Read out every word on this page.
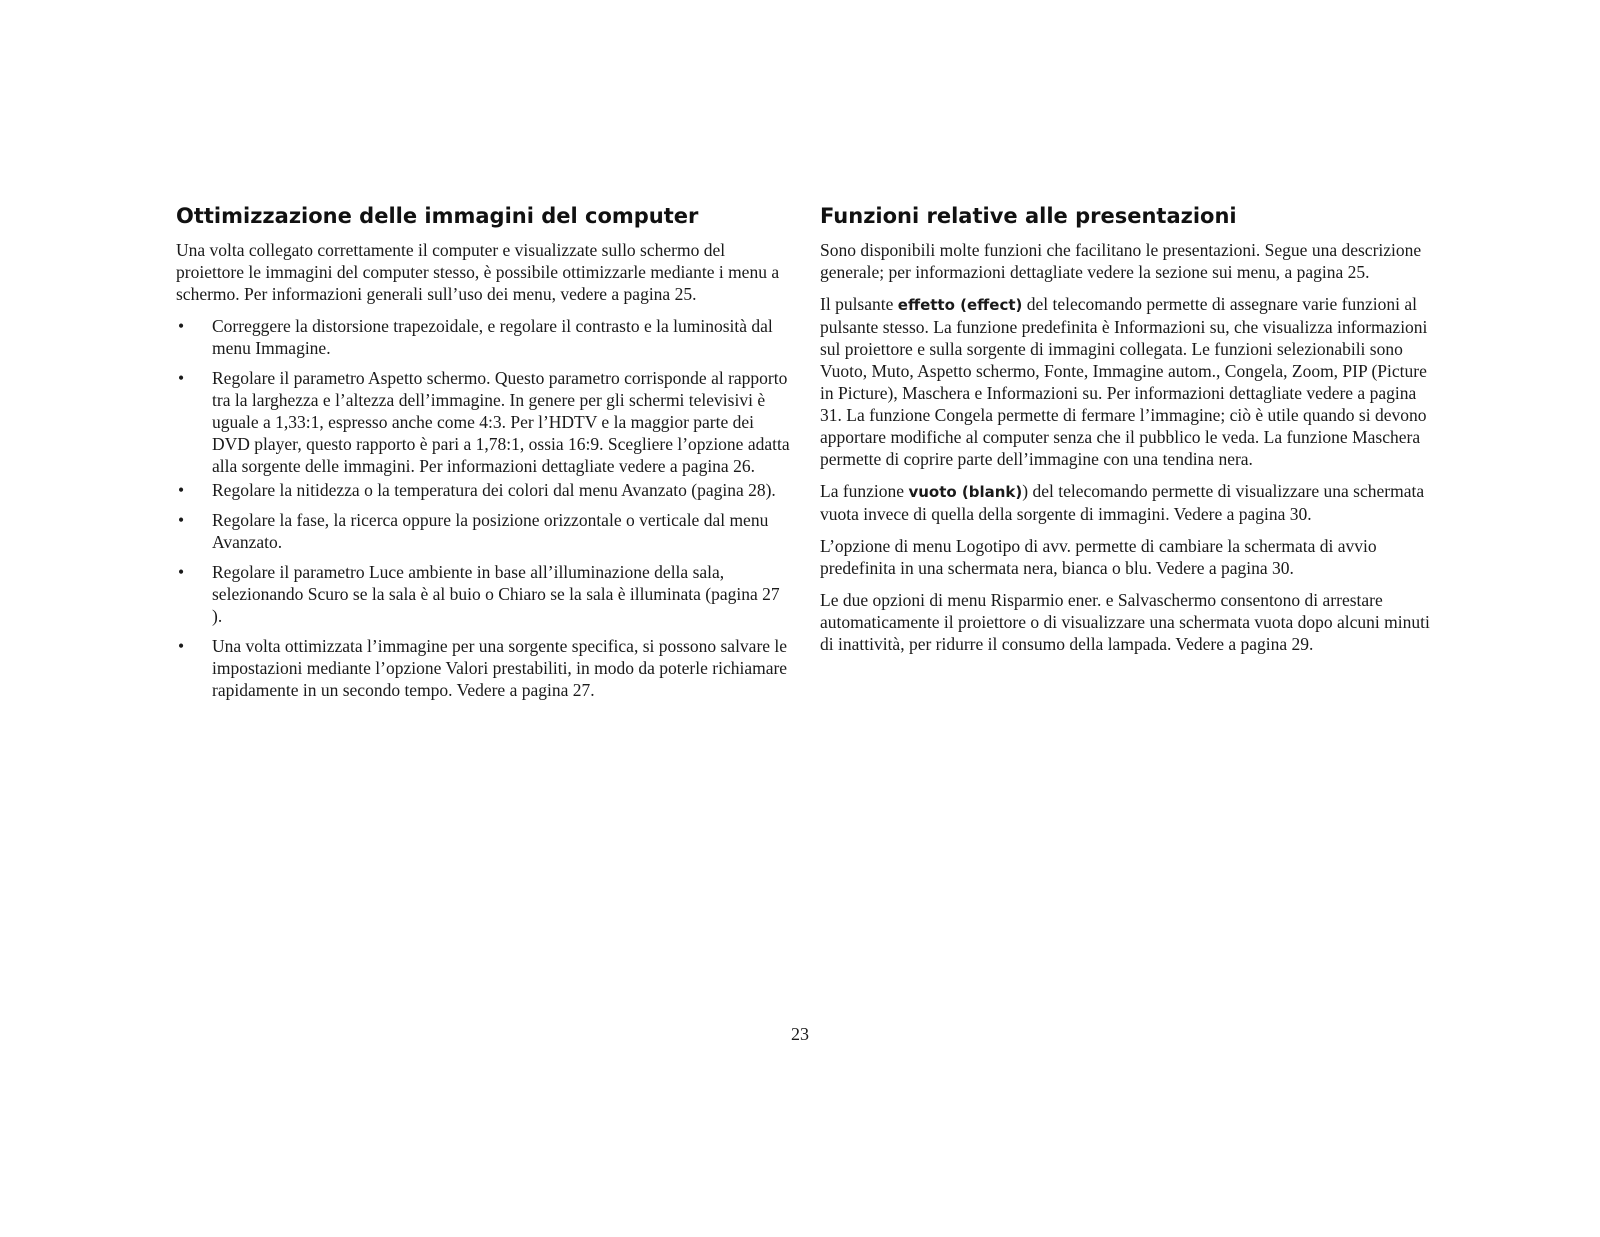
Ottimizzazione delle immagini del computer

Una volta collegato correttamente il computer e visualizzate sullo schermo del proiettore le immagini del computer stesso, è possibile ottimizzarle mediante i menu a schermo. Per informazioni generali sull’uso dei menu, vedere a pagina 25.

• Correggere la distorsione trapezoidale, e regolare il contrasto e la luminosità dal menu Immagine.
• Regolare il parametro Aspetto schermo. Questo parametro corrisponde al rapporto tra la larghezza e l’altezza dell’immagine. In genere per gli schermi televisivi è uguale a 1,33:1, espresso anche come 4:3. Per l’HDTV e la maggior parte dei DVD player, questo rapporto è pari a 1,78:1, ossia 16:9. Scegliere l’opzione adatta alla sorgente delle immagini. Per informazioni dettagliate vedere a pagina 26.
• Regolare la nitidezza o la temperatura dei colori dal menu Avanzato (pagina 28).
• Regolare la fase, la ricerca oppure la posizione orizzontale o verticale dal menu Avanzato.
• Regolare il parametro Luce ambiente in base all’illuminazione della sala, selezionando Scuro se la sala è al buio o Chiaro se la sala è illuminata (pagina 27 ).
• Una volta ottimizzata l’immagine per una sorgente specifica, si possono salvare le impostazioni mediante l’opzione Valori prestabiliti, in modo da poterle richiamare rapidamente in un secondo tempo. Vedere a pagina 27.
Funzioni relative alle presentazioni

Sono disponibili molte funzioni che facilitano le presentazioni. Segue una descrizione generale; per informazioni dettagliate vedere la sezione sui menu, a pagina 25.

Il pulsante effetto (effect) del telecomando permette di assegnare varie funzioni al pulsante stesso. La funzione predefinita è Informazioni su, che visualizza informazioni sul proiettore e sulla sorgente di immagini collegata. Le funzioni selezionabili sono Vuoto, Muto, Aspetto schermo, Fonte, Immagine autom., Congela, Zoom, PIP (Picture in Picture), Maschera e Informazioni su. Per informazioni dettagliate vedere a pagina 31. La funzione Congela permette di fermare l’immagine; ciò è utile quando si devono apportare modifiche al computer senza che il pubblico le veda. La funzione Maschera permette di coprire parte dell’immagine con una tendina nera.

La funzione vuoto (blank)) del telecomando permette di visualizzare una schermata vuota invece di quella della sorgente di immagini. Vedere a pagina 30.

L’opzione di menu Logotipo di avv. permette di cambiare la schermata di avvio predefinita in una schermata nera, bianca o blu. Vedere a pagina 30.

Le due opzioni di menu Risparmio ener. e Salvaschermo consentono di arrestare automaticamente il proiettore o di visualizzare una schermata vuota dopo alcuni minuti di inattività, per ridurre il consumo della lampada. Vedere a pagina 29.

23
